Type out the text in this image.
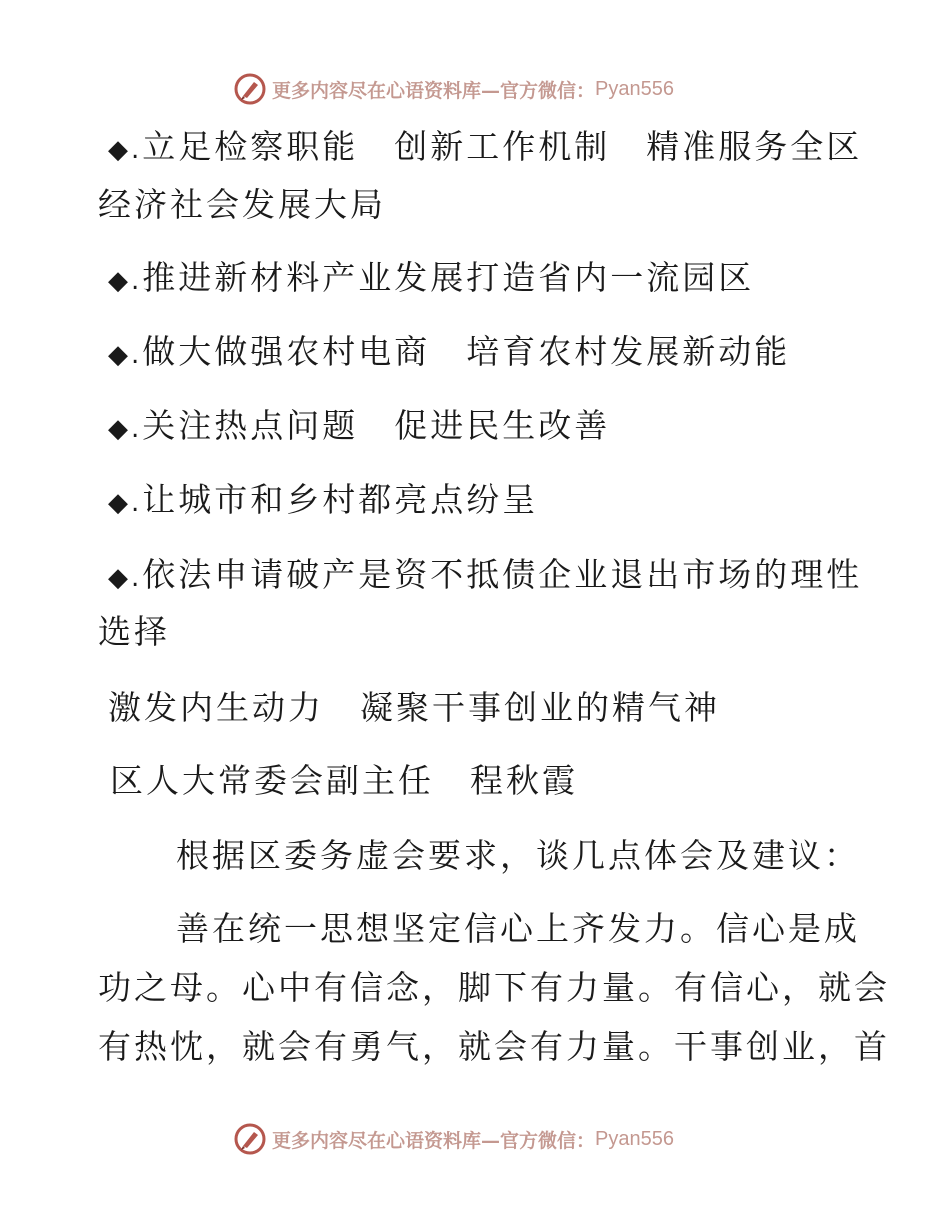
更多内容尽在心语资料库—官方微信： Pyan556
◆.立足检察职能　创新工作机制　精准服务全区
经济社会发展大局
◆.推进新材料产业发展打造省内一流园区
◆.做大做强农村电商　培育农村发展新动能
◆.关注热点问题　促进民生改善
◆.让城市和乡村都亮点纷呈
◆.依法申请破产是资不抵债企业退出市场的理性
选择
激发内生动力　凝聚干事创业的精气神
区人大常委会副主任　程秋霞
根据区委务虚会要求，谈几点体会及建议：
善在统一思想坚定信心上齐发力。信心是成
功之母。心中有信念，脚下有力量。有信心，就会
有热忱，就会有勇气，就会有力量。干事创业，首
更多内容尽在心语资料库—官方微信： Pyan556
